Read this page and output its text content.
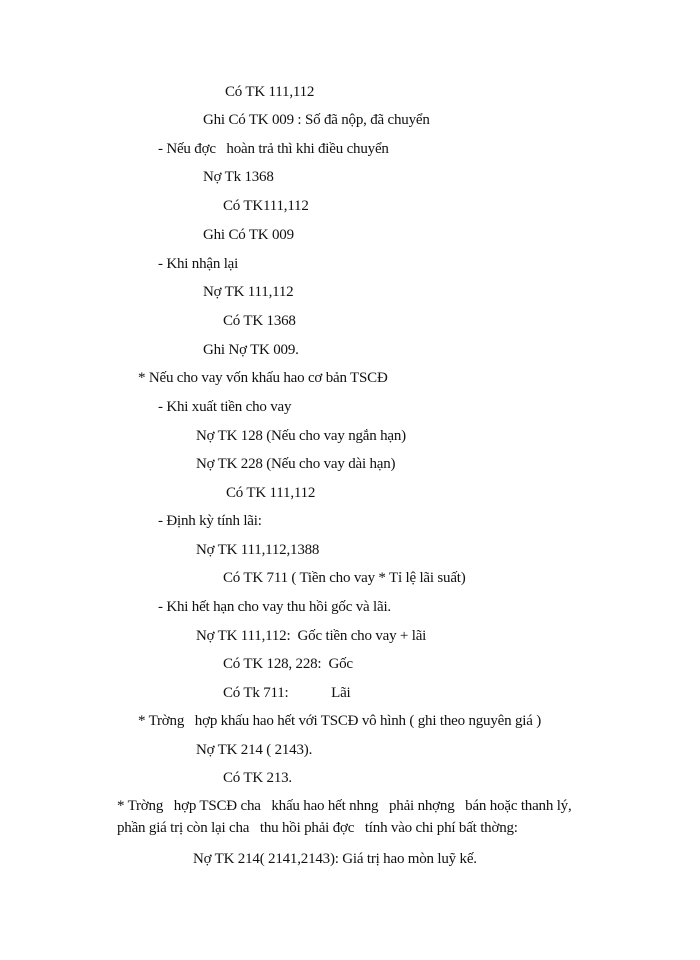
Có TK 111,112
Ghi Có TK 009 : Số đã nộp, đã chuyển
- Nếu đợc   hoàn trả thì khi điều chuyển
Nợ Tk 1368
Có TK111,112
Ghi Có TK 009
- Khi nhận lại
Nợ TK 111,112
Có TK 1368
Ghi Nợ TK 009.
* Nếu cho vay vốn khấu hao cơ bản TSCĐ
- Khi xuất tiền cho vay
Nợ TK 128 (Nếu cho vay ngắn hạn)
Nợ TK 228 (Nếu cho vay dài hạn)
Có TK 111,112
- Định kỳ tính lãi:
Nợ TK 111,112,1388
Có TK 711 ( Tiền cho vay * Tỉ lệ lãi suất)
- Khi hết hạn cho vay thu hồi gốc và lãi.
Nợ TK 111,112:  Gốc tiền cho vay + lãi
Có TK 128, 228:  Gốc
Có Tk 711:            Lãi
* Trờng   hợp khấu hao hết với TSCĐ vô hình ( ghi theo nguyên giá )
Nợ TK 214 ( 2143).
Có TK 213.
* Trờng   hợp TSCĐ cha   khấu hao hết nhng   phải nhợng   bán hoặc thanh lý,
phần giá trị còn lại cha   thu hồi phải đợc   tính vào chi phí bất thờng:
Nợ TK 214( 2141,2143): Giá trị hao mòn luỹ kế.
